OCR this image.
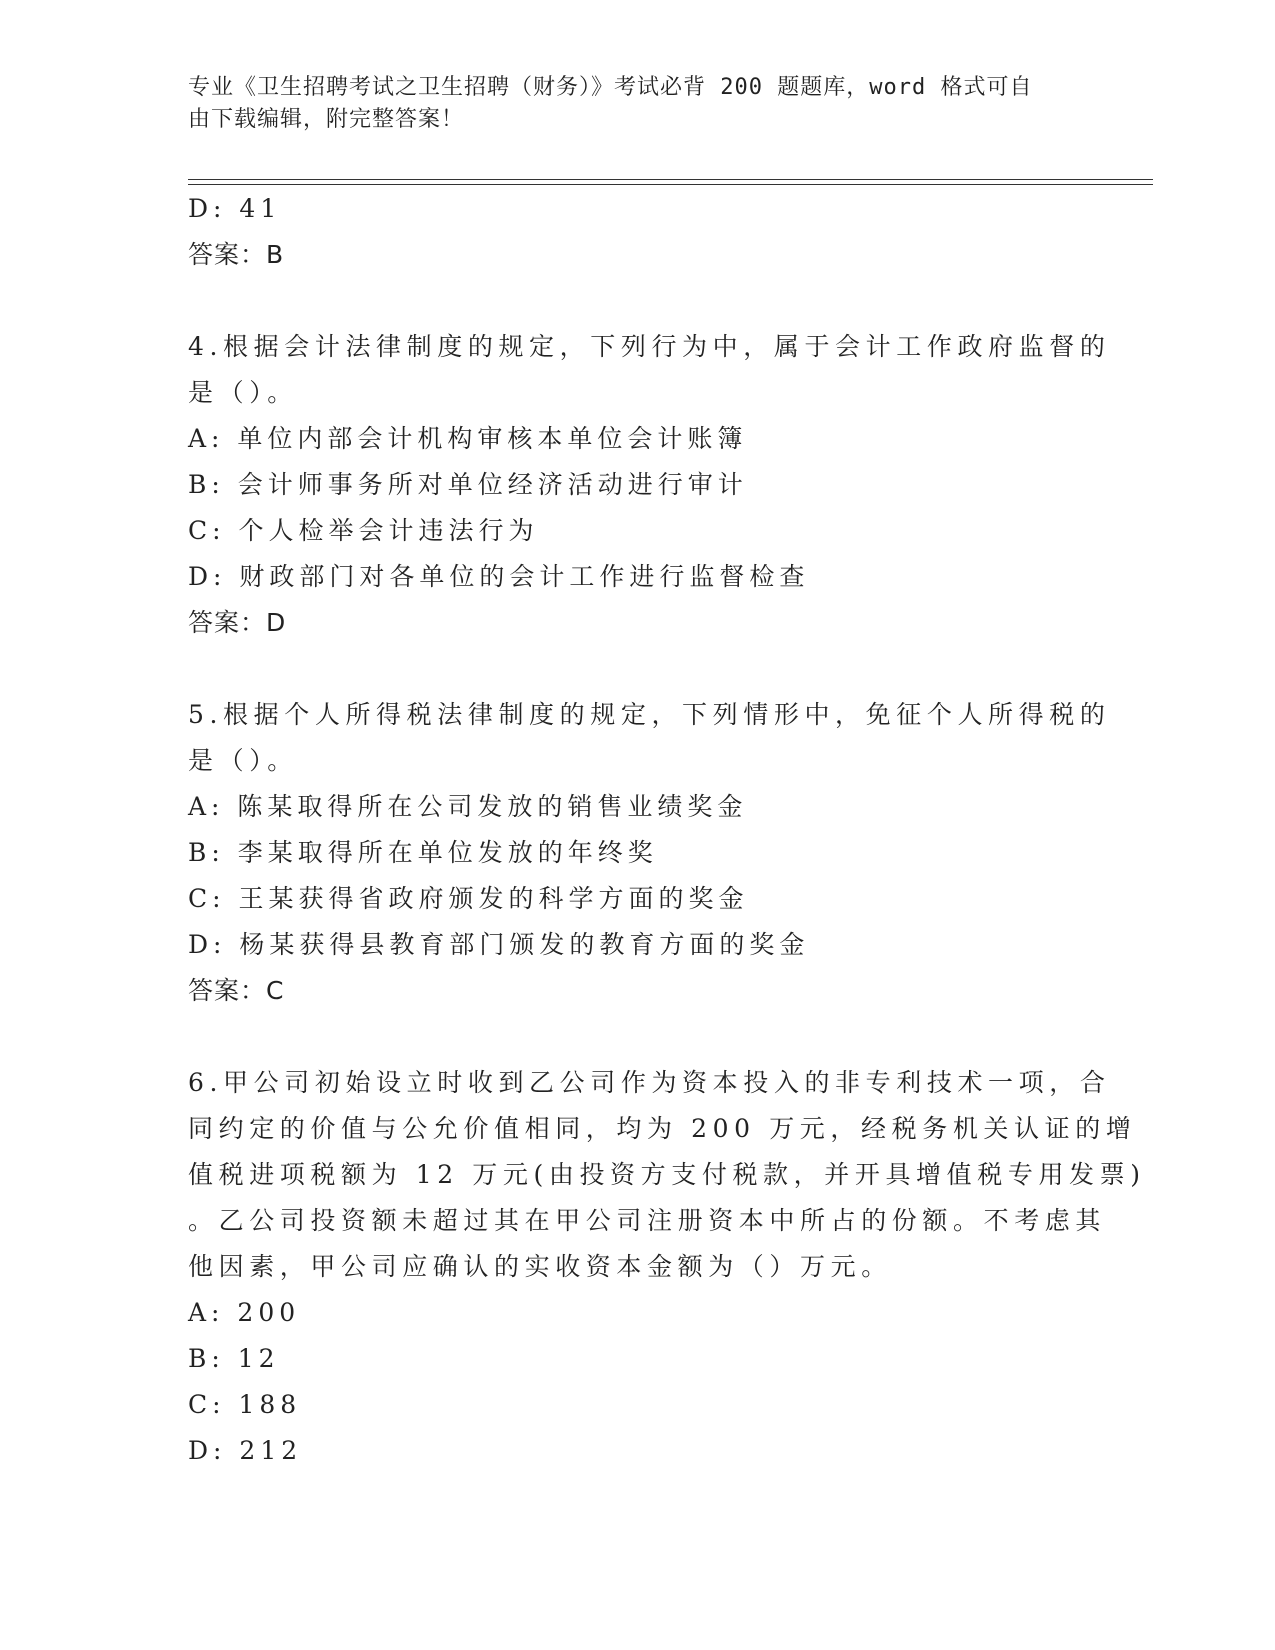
专业《卫生招聘考试之卫生招聘（财务）》考试必背 200 题题库，word 格式可自
由下载编辑，附完整答案！
D: 41
答案：B
4.根据会计法律制度的规定，下列行为中，属于会计工作政府监督的
是（）。
A: 单位内部会计机构审核本单位会计账簿
B: 会计师事务所对单位经济活动进行审计
C: 个人检举会计违法行为
D: 财政部门对各单位的会计工作进行监督检查
答案：D
5.根据个人所得税法律制度的规定，下列情形中，免征个人所得税的
是（）。
A: 陈某取得所在公司发放的销售业绩奖金
B: 李某取得所在单位发放的年终奖
C: 王某获得省政府颁发的科学方面的奖金
D: 杨某获得县教育部门颁发的教育方面的奖金
答案：C
6.甲公司初始设立时收到乙公司作为资本投入的非专利技术一项，合
同约定的价值与公允价值相同，均为 200 万元，经税务机关认证的增
值税进项税额为 12 万元(由投资方支付税款，并开具增值税专用发票)
。乙公司投资额未超过其在甲公司注册资本中所占的份额。不考虑其
他因素，甲公司应确认的实收资本金额为（）万元。
A: 200
B: 12
C: 188
D: 212
